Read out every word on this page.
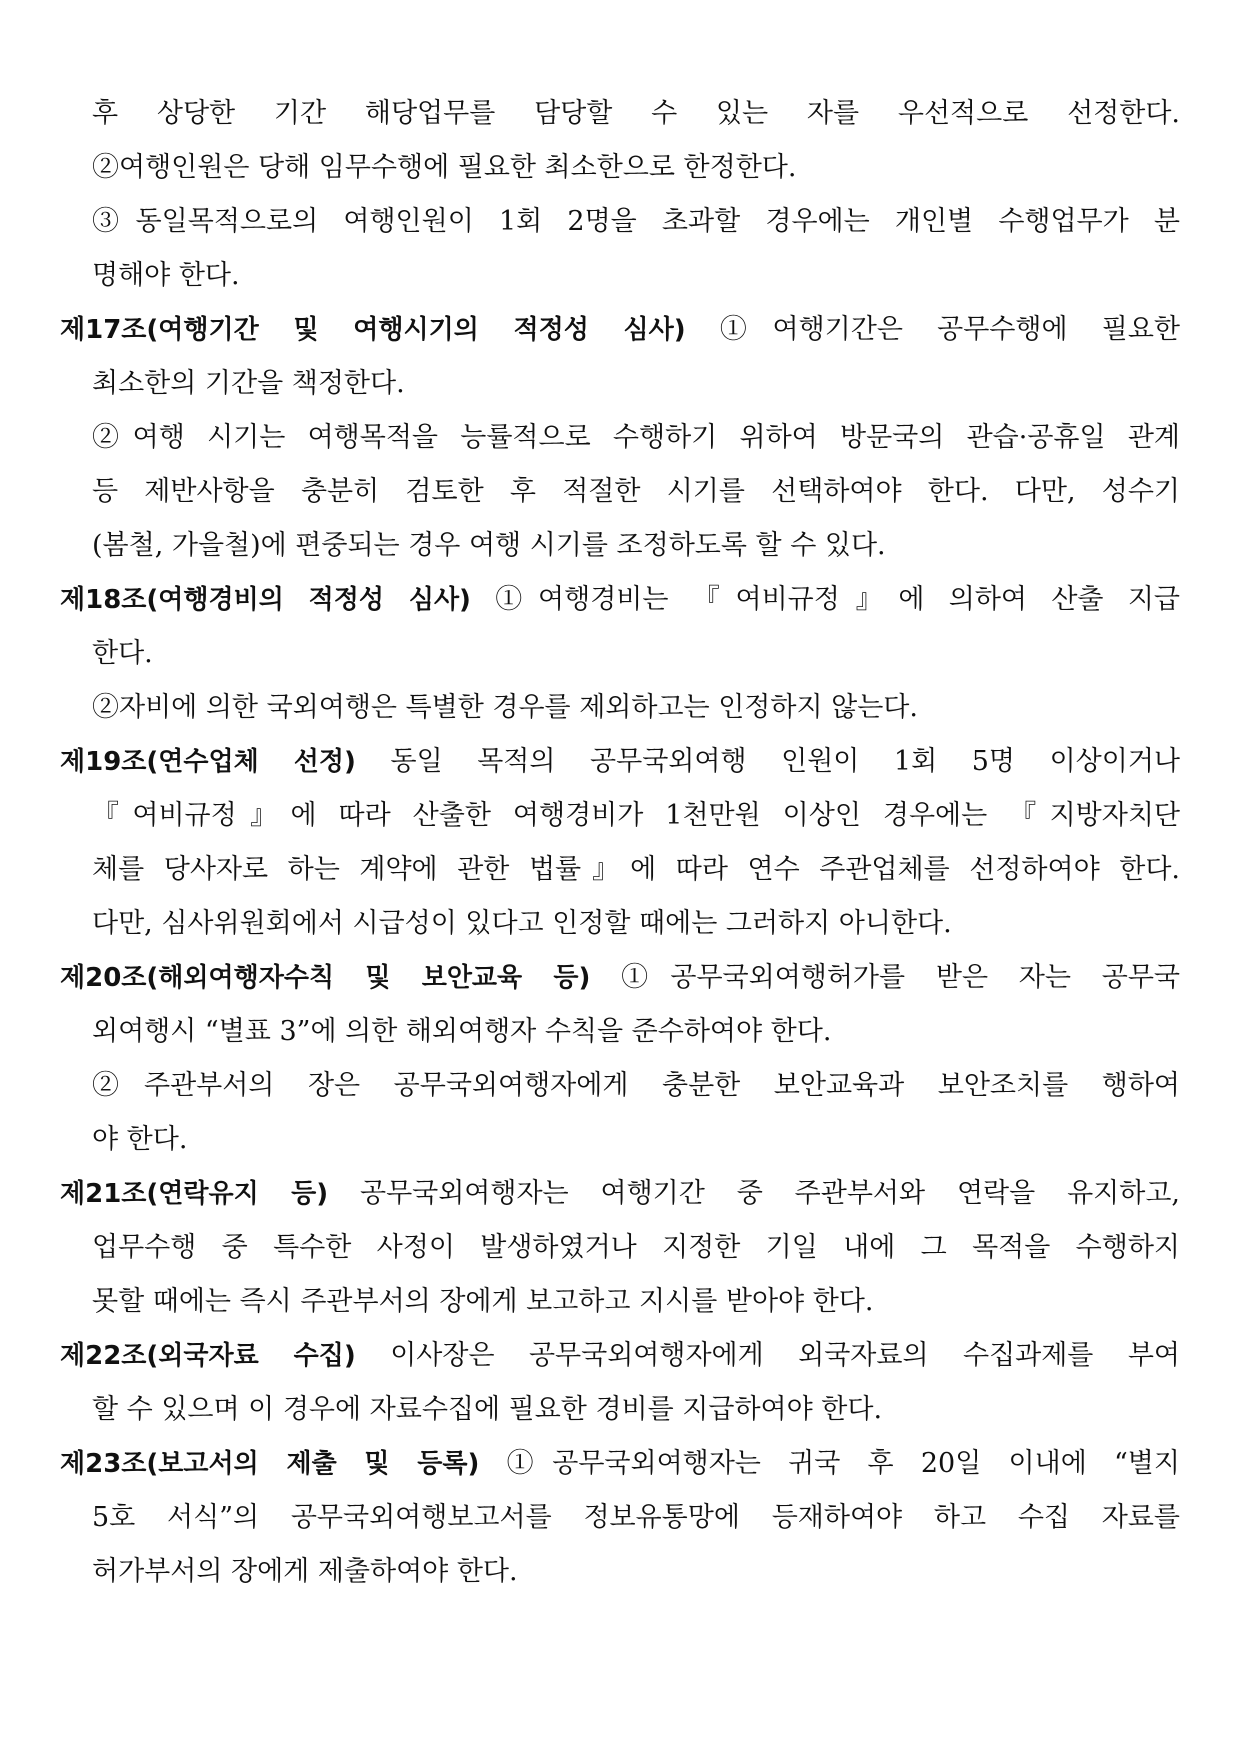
후 상당한 기간 해당업무를 담당할 수 있는 자를 우선적으로 선정한다.
②여행인원은 당해 임무수행에 필요한 최소한으로 한정한다.
③동일목적으로의 여행인원이 1회 2명을 초과할 경우에는 개인별 수행업무가 분
명해야 한다.
제17조(여행기간 및 여행시기의 적정성 심사) ①여행기간은 공무수행에 필요한
최소한의 기간을 책정한다.
②여행 시기는 여행목적을 능률적으로 수행하기 위하여 방문국의 관습·공휴일 관계
등 제반사항을 충분히 검토한 후 적절한 시기를 선택하여야 한다. 다만, 성수기
(봄철, 가을철)에 편중되는 경우 여행 시기를 조정하도록 할 수 있다.
제18조(여행경비의 적정성 심사) ①여행경비는 『여비규정』에 의하여 산출 지급
한다.
②자비에 의한 국외여행은 특별한 경우를 제외하고는 인정하지 않는다.
제19조(연수업체 선정) 동일 목적의 공무국외여행 인원이 1회 5명 이상이거나
『여비규정』에 따라 산출한 여행경비가 1천만원 이상인 경우에는 『지방자치단
체를 당사자로 하는 계약에 관한 법률』에 따라 연수 주관업체를 선정하여야 한다.
다만, 심사위원회에서 시급성이 있다고 인정할 때에는 그러하지 아니한다.
제20조(해외여행자수칙 및 보안교육 등) ①공무국외여행허가를 받은 자는 공무국
외여행시 “별표 3”에 의한 해외여행자 수칙을 준수하여야 한다.
②주관부서의 장은 공무국외여행자에게 충분한 보안교육과 보안조치를 행하여
야 한다.
제21조(연락유지 등) 공무국외여행자는 여행기간 중 주관부서와 연락을 유지하고,
업무수행 중 특수한 사정이 발생하였거나 지정한 기일 내에 그 목적을 수행하지
못할 때에는 즉시 주관부서의 장에게 보고하고 지시를 받아야 한다.
제22조(외국자료 수집) 이사장은 공무국외여행자에게 외국자료의 수집과제를 부여
할 수 있으며 이 경우에 자료수집에 필요한 경비를 지급하여야 한다.
제23조(보고서의 제출 및 등록) ①공무국외여행자는 귀국 후 20일 이내에 “별지
5호 서식”의 공무국외여행보고서를 정보유통망에 등재하여야 하고 수집 자료를
허가부서의 장에게 제출하여야 한다.
